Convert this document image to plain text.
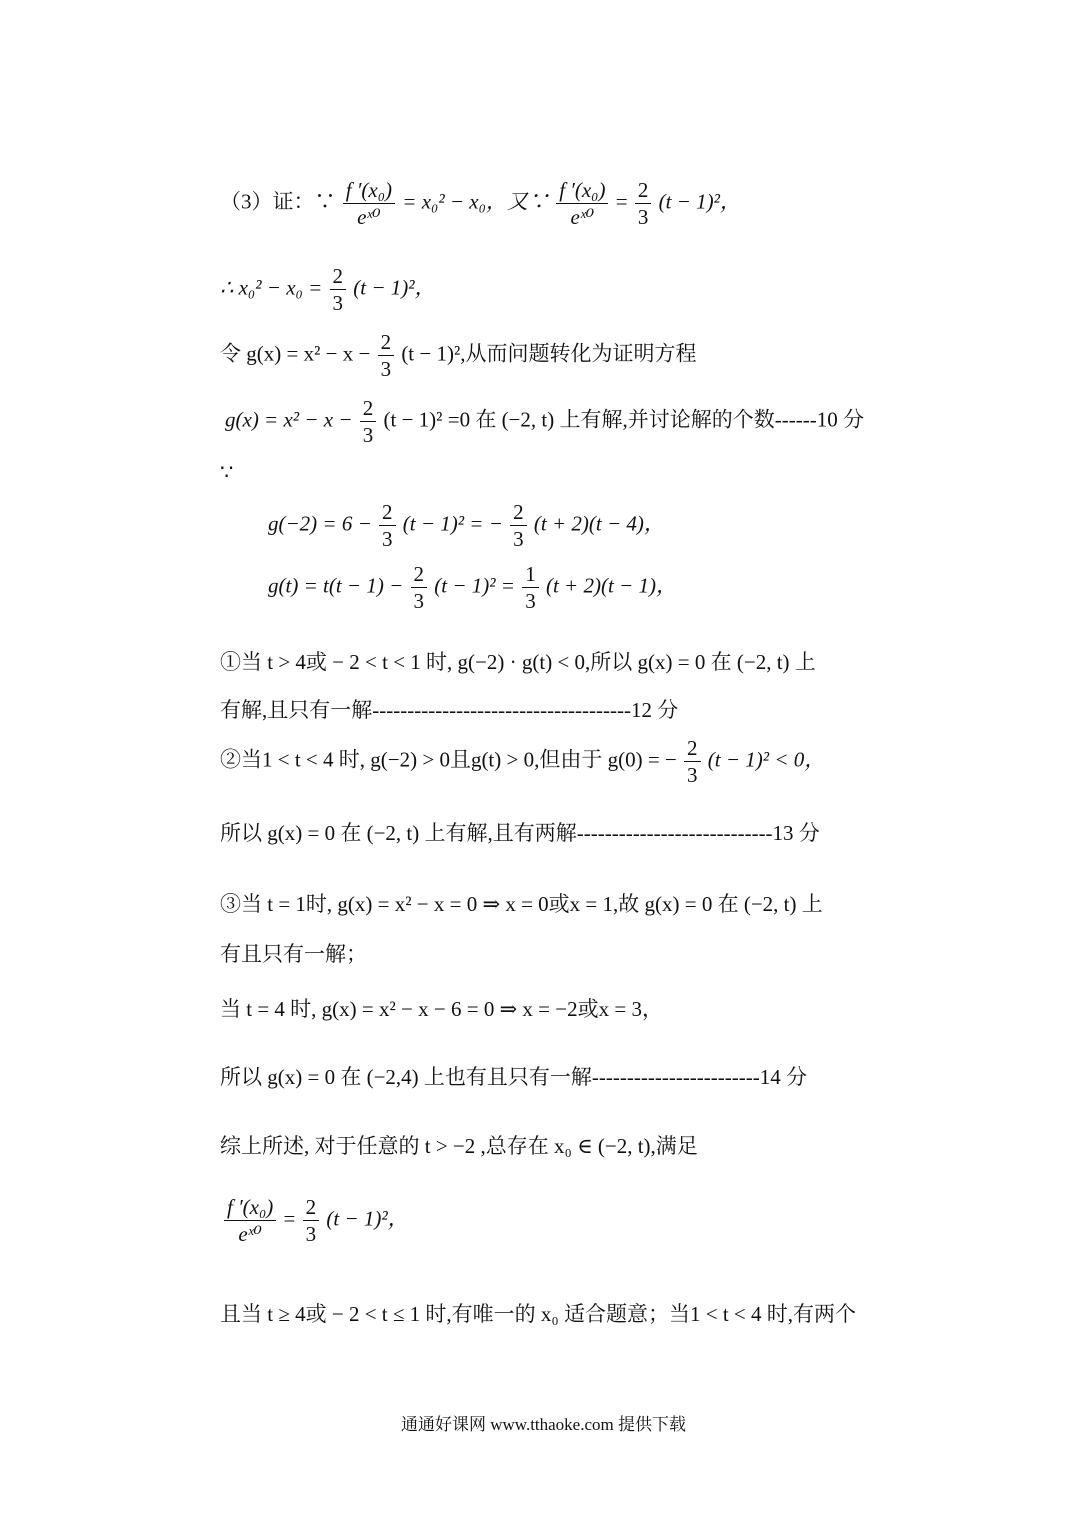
（3）证：∵ $\frac{\text{f ′(x₀)}}{\text{eˣ⁰}} = x_0^2 - x_0$，又∵ $\frac{\text{f ′(x₀)}}{\text{eˣ⁰}} = \frac{2}{3} (t - 1)^2$，
∴ $x_0^2 - x_0 = \frac{2}{3} (t - 1)^2$，
令 $g(x) = x^2 - x - \frac{2}{3} (t - 1)^2$,从而问题转化为证明方程
$g(x) = x^2 - x - \frac{2}{3} (t - 1)^2 =0$ 在 (−2, t) 上有解,并讨论解的个数------10 分
∵
$g(-2) = 6 - \frac{2}{3} (t - 1)^2$ = − $\frac{2}{3} (t + 2)(t - 4)$，
$g(t) = t(t - 1) - \frac{2}{3} (t - 1)^2 = \frac{1}{3} (t + 2)(t - 1)$，
①当 t > 4或 − 2 < t < 1 时, g(−2) · g(t) < 0,所以 g(x) = 0 在 (−2, t) 上
有解,且只有一解-------------------------------------12 分
②当1 < t < 4 时, g(−2) > 0且g(t) > 0,但由于 g(0) = − $\frac{2}{3} (t - 1)^2 < 0$，
所以 g(x) = 0 在 (−2, t) 上有解,且有两解----------------------------13 分
③当 t = 1时, g(x) = x² − x = 0 ⇒ x = 0或x = 1,故 g(x) = 0 在 (−2, t) 上
有且只有一解；
当 t = 4 时, g(x) = x² − x − 6 = 0 ⇒ x = −2或x = 3，
所以 g(x) = 0 在 (−2,4) 上也有且只有一解------------------------14 分
综上所述, 对于任意的 t > −2 ,总存在 x₀ ∈ (−2, t),满足
$\frac{\text{f ′(x₀)}}{\text{eˣ⁰}} = \frac{2}{3} (t - 1)^2$，
且当 t ≥ 4或 − 2 < t ≤ 1 时,有唯一的 x₀ 适合题意；当1 < t < 4 时,有两个
通通好课网 www.tthaoke.com 提供下载
